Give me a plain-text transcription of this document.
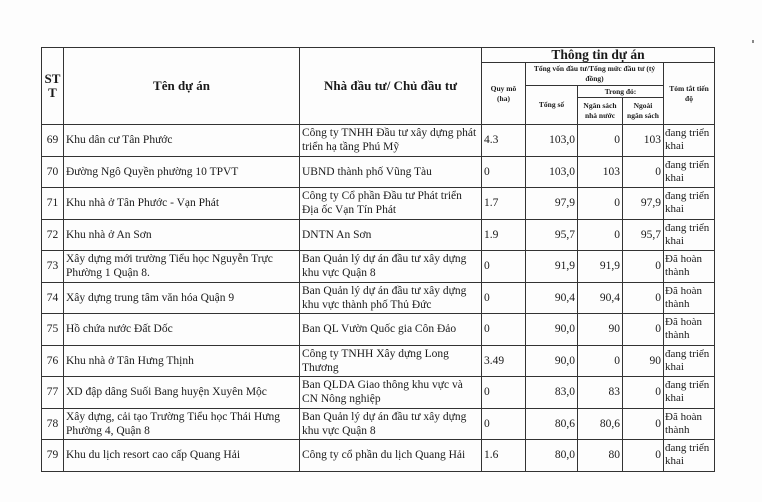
ST T	Tên dự án	Nhà đầu tư/ Chủ đầu tư	Thông tin dự án				
			Quy mô (ha)	Tổng vốn đầu tư/Tổng mức đầu tư (tỷ đồng)			Tóm tắt tiến độ
				Tổng số	Trong đó:		
					Ngân sách nhà nước	Ngoài ngân sách	
69	Khu dân cư Tân Phước	Công ty TNHH Đầu tư xây dựng phát triển hạ tầng Phú Mỹ	4.3	103,0	0	103	đang triển khai
70	Đường Ngô Quyền phường 10 TPVT	UBND thành phố Vũng Tàu	0	103,0	103	0	đang triển khai
71	Khu nhà ở Tân Phước - Vạn Phát	Công ty Cổ phần Đầu tư Phát triển Địa ốc Vạn Tín Phát	1.7	97,9	0	97,9	đang triển khai
72	Khu nhà ở An Sơn	DNTN An Sơn	1.9	95,7	0	95,7	đang triển khai
73	Xây dựng mới trường Tiểu học Nguyễn Trực Phường 1 Quận 8.	Ban Quản lý dự án đầu tư xây dựng khu vực Quận 8	0	91,9	91,9	0	Đã hoàn thành
74	Xây dựng trung tâm văn hóa Quận 9	Ban Quản lý dự án đầu tư xây dựng khu vực thành phố Thủ Đức	0	90,4	90,4	0	Đã hoàn thành
75	Hồ chứa nước Đất Dốc	Ban QL Vườn Quốc gia Côn Đảo	0	90,0	90	0	Đã hoàn thành
76	Khu nhà ở Tân Hưng Thịnh	Công ty TNHH Xây dựng Long Thương	3.49	90,0	0	90	đang triển khai
77	XD đập dâng Suối Bang huyện Xuyên Mộc	Ban QLDA Giao thông khu vực và CN Nông nghiệp	0	83,0	83	0	đang triển khai
78	Xây dựng, cải tạo Trường Tiểu học Thái Hưng Phường 4, Quận 8	Ban Quản lý dự án đầu tư xây dựng khu vực Quận 8	0	80,6	80,6	0	Đã hoàn thành
79	Khu du lịch resort cao cấp Quang Hải	Công ty cổ phần du lịch Quang Hải	1.6	80,0	80	0	đang triển khai
